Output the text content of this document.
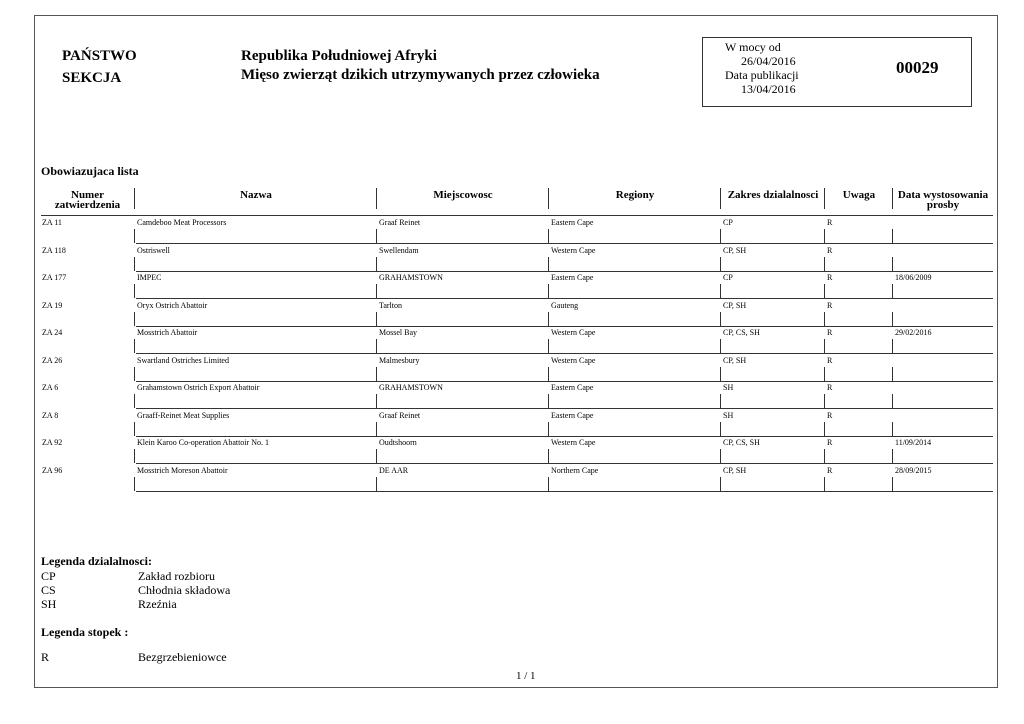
PAŃSTWO
SEKCJA
Republika Południowej Afryki
Mięso zwierząt dzikich utrzymywanych przez człowieka
W mocy od
26/04/2016
Data publikacji
13/04/2016
00029
Obowiazujaca lista
Numer
zatwierdzenia
Nazwa	Miejscowosc	Regiony	Zakres dzialalnosci	Uwaga	Data wystosowania
prosby
ZA 11	Camdeboo Meat Processors	Graaf Reinet	Eastern Cape	CP	R
ZA 118	Ostriswell	Swellendam	Western Cape	CP, SH	R
ZA 177	IMPEC	GRAHAMSTOWN	Eastern Cape	CP	R	18/06/2009
ZA 19	Oryx Ostrich Abattoir	Tarlton	Gauteng	CP, SH	R
ZA 24	Mosstrich Abattoir	Mossel Bay	Western Cape	CP, CS, SH	R	29/02/2016
ZA 26	Swartland Ostriches Limited	Malmesbury	Western Cape	CP, SH	R
ZA 6	Grahamstown Ostrich Export Abattoir	GRAHAMSTOWN	Eastern Cape	SH	R
ZA 8	Graaff-Reinet Meat Supplies	Graaf Reinet	Eastern Cape	SH	R
ZA 92	Klein Karoo Co-operation Abattoir No. 1	Oudtshoorn	Western Cape	CP, CS, SH	R	11/09/2014
ZA 96	Mosstrich Moreson Abattoir	DE AAR	Northern Cape	CP, SH	R	28/09/2015
Legenda dzialalnosci:
CP	Zakład rozbioru
CS	Chłodnia składowa
SH	Rzeźnia
Legenda stopek :
R	Bezgrzebieniowce
1 / 1
